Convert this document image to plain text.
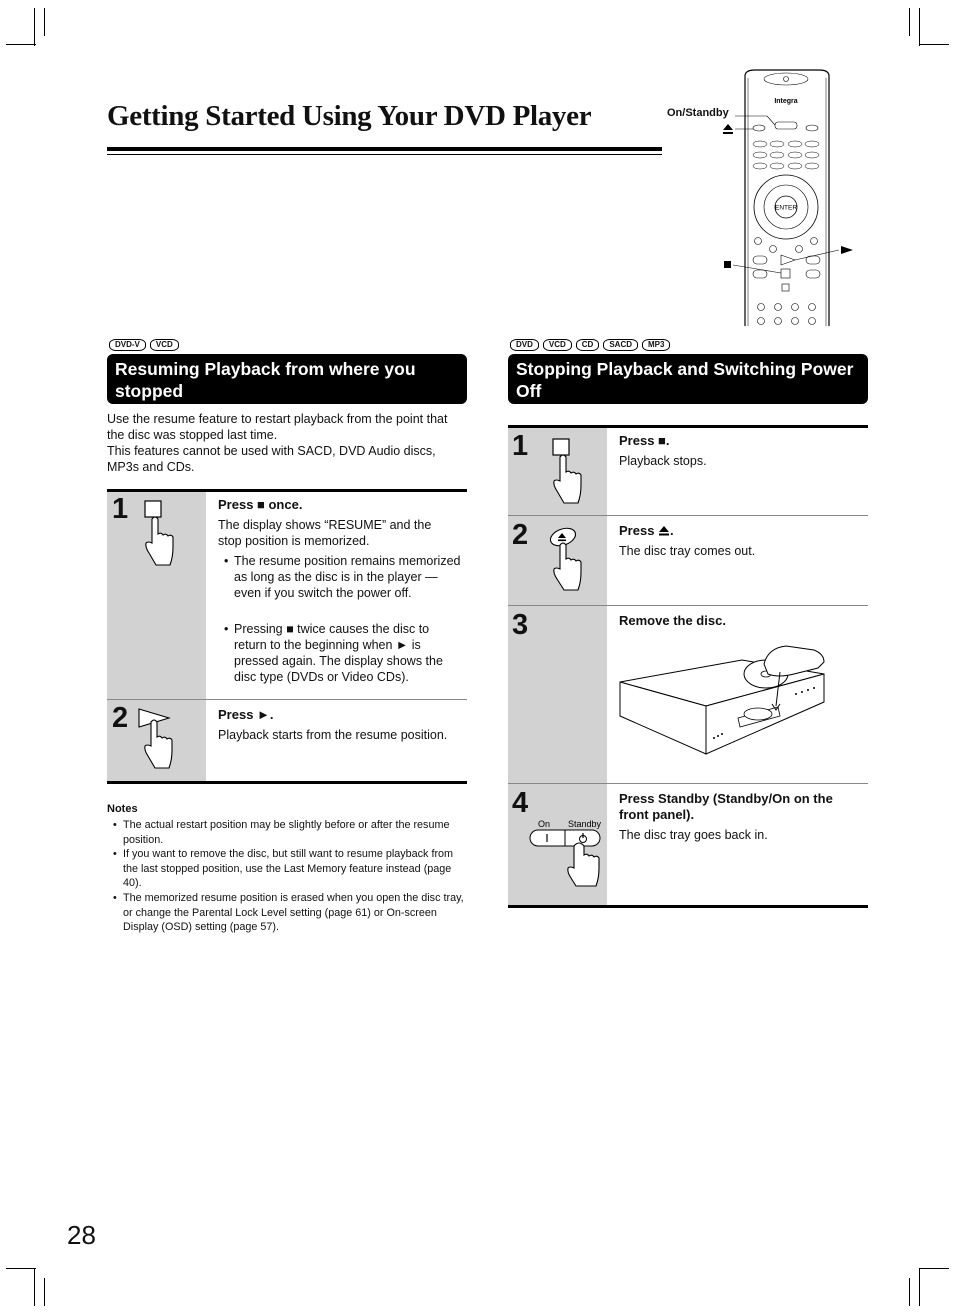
Getting Started Using Your DVD Player	On/Standby
Integra
ENTER
DVD-V	VCD
Resuming Playback from where you stopped

Use the resume feature to restart playback from the point that the disc was stopped last time.

This features cannot be used with SACD, DVD Audio discs, MP3s and CDs.

1	Press ■ once.
The display shows “RESUME” and the stop position is memorized.
• The resume position remains memorized as long as the disc is in the player — even if you switch the power off.
• Pressing ■ twice causes the disc to return to the beginning when ► is pressed again. The display shows the disc type (DVDs or Video CDs).
2	Press ►.
Playback starts from the resume position.
Notes
• The actual restart position may be slightly before or after the resume position.
• If you want to remove the disc, but still want to resume playback from the last stopped position, use the Last Memory feature instead (page 40).
• The memorized resume position is erased when you open the disc tray, or change the Parental Lock Level setting (page 61) or On-screen Display (OSD) setting (page 57).
DVD	VCD	CD	SACD	MP3
Stopping Playback and Switching Power Off
1	Press ■.
Playback stops.
2	Press .
The disc tray comes out.
3	Remove the disc.
4
On Standby
Press Standby (Standby/On on the front panel).
The disc tray goes back in.
28
